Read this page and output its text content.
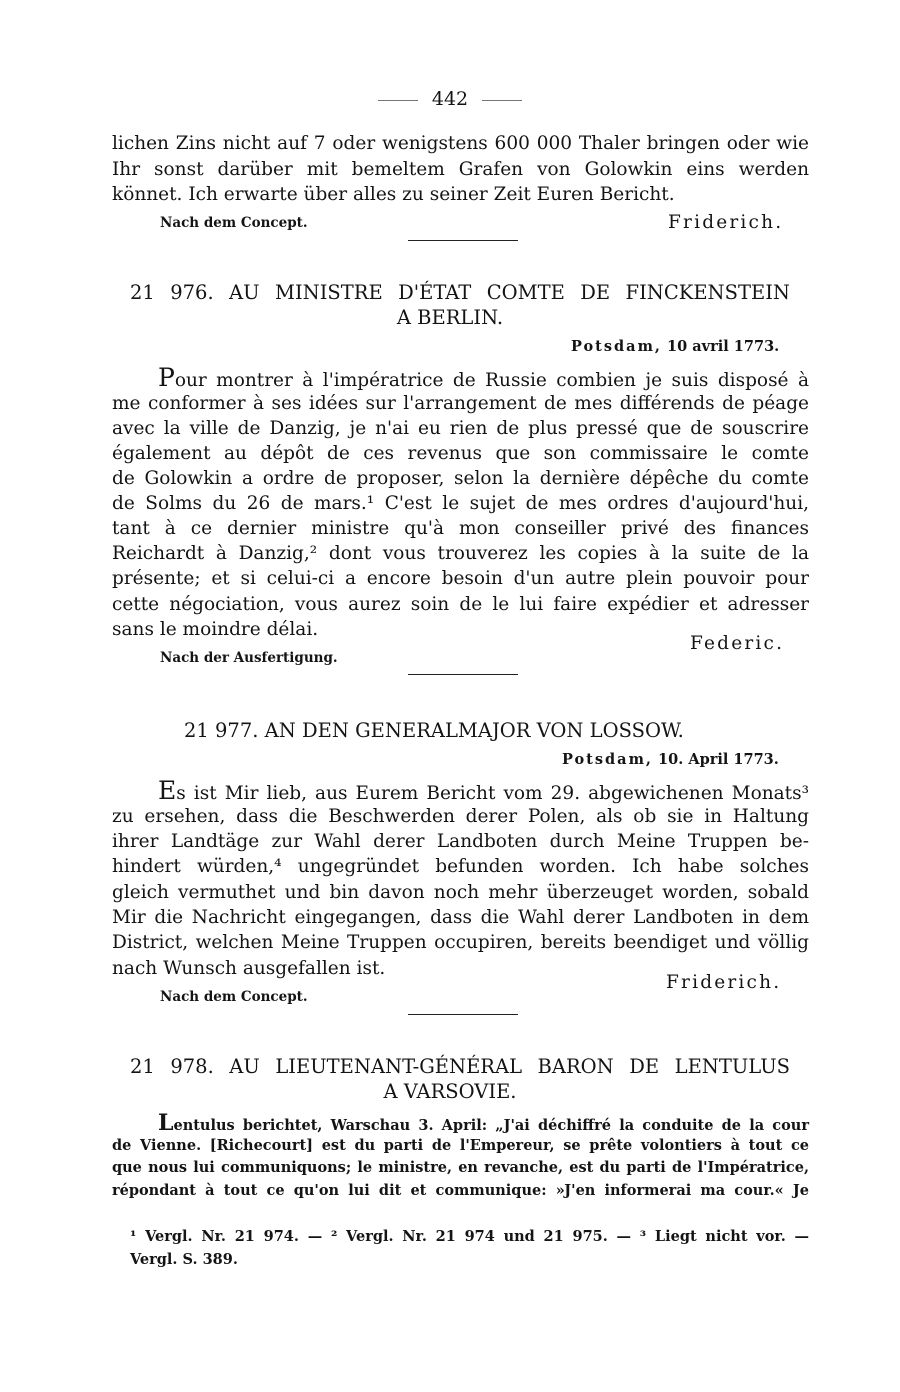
442
lichen Zins nicht auf 7 oder wenigstens 600 000 Thaler bringen oder wie
Ihr sonst darüber mit bemeltem Grafen von Golowkin eins werden
könnet. Ich erwarte über alles zu seiner Zeit Euren Bericht.
Nach dem Concept.	Friderich.
21 976. AU MINISTRE D'ÉTAT COMTE DE FINCKENSTEIN
A BERLIN.
Potsdam, 10 avril 1773.
Pour montrer à l'impératrice de Russie combien je suis disposé à
me conformer à ses idées sur l'arrangement de mes différends de péage
avec la ville de Danzig, je n'ai eu rien de plus pressé que de souscrire
également au dépôt de ces revenus que son commissaire le comte
de Golowkin a ordre de proposer, selon la dernière dépêche du comte
de Solms du 26 de mars.¹ C'est le sujet de mes ordres d'aujourd'hui,
tant à ce dernier ministre qu'à mon conseiller privé des finances
Reichardt à Danzig,² dont vous trouverez les copies à la suite de la
présente; et si celui-ci a encore besoin d'un autre plein pouvoir pour
cette négociation, vous aurez soin de le lui faire expédier et adresser
sans le moindre délai.
Federic.
Nach der Ausfertigung.
21 977. AN DEN GENERALMAJOR VON LOSSOW.
Potsdam, 10. April 1773.
Es ist Mir lieb, aus Eurem Bericht vom 29. abgewichenen Monats³
zu ersehen, dass die Beschwerden derer Polen, als ob sie in Haltung
ihrer Landtäge zur Wahl derer Landboten durch Meine Truppen be-
hindert würden,⁴ ungegründet befunden worden. Ich habe solches
gleich vermuthet und bin davon noch mehr überzeuget worden, sobald
Mir die Nachricht eingegangen, dass die Wahl derer Landboten in dem
District, welchen Meine Truppen occupiren, bereits beendiget und völlig
nach Wunsch ausgefallen ist.
Friderich.
Nach dem Concept.
21 978. AU LIEUTENANT-GÉNÉRAL BARON DE LENTULUS
A VARSOVIE.
Lentulus berichtet, Warschau 3. April: „J'ai déchiffré la conduite de la cour
de Vienne. [Richecourt] est du parti de l'Empereur, se prête volontiers à tout ce
que nous lui communiquons; le ministre, en revanche, est du parti de l'Impératrice,
répondant à tout ce qu'on lui dit et communique: »J'en informerai ma cour.« Je
¹ Vergl. Nr. 21 974. — ² Vergl. Nr. 21 974 und 21 975. — ³ Liegt nicht vor. —
Vergl. S. 389.
